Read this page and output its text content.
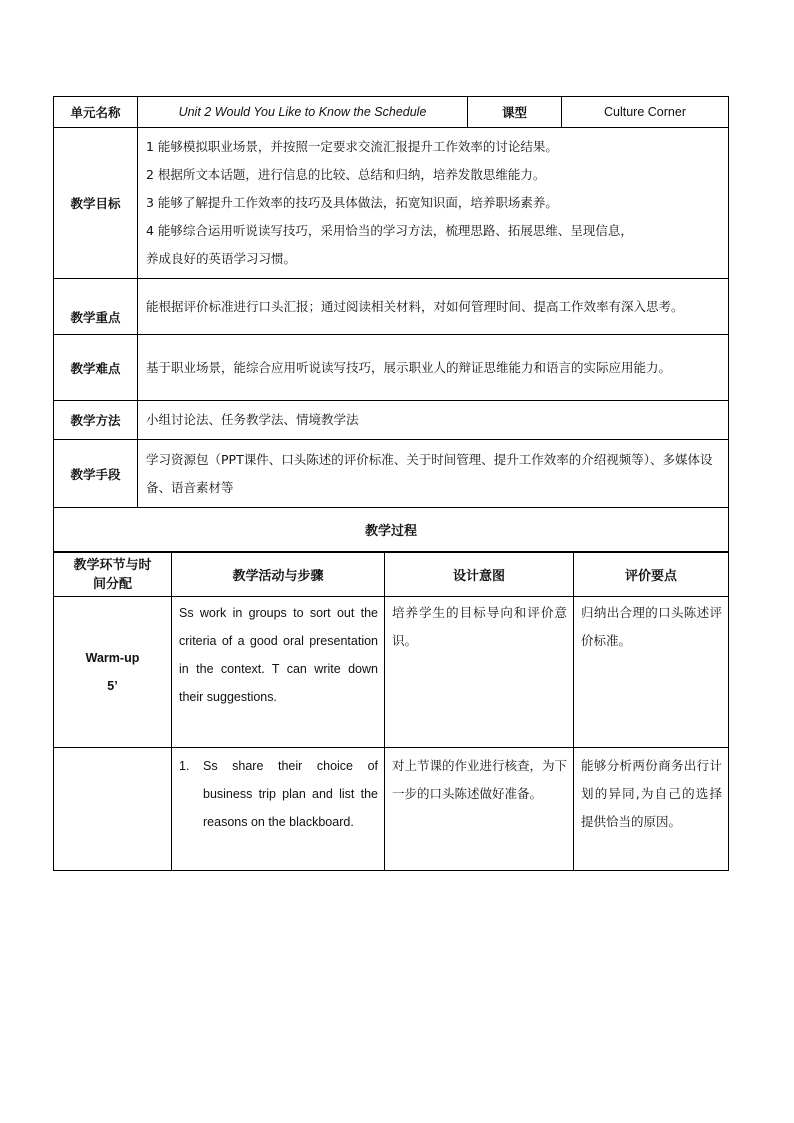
单元名称	Unit 2 Would You Like to Know the Schedule	课型	Culture Corner
教学目标	1 能够模拟职业场景，并按照一定要求交流汇报提升工作效率的讨论结果。
2 根据所文本话题，进行信息的比较、总结和归纳，培养发散思维能力。
3 能够了解提升工作效率的技巧及具体做法，拓宽知识面，培养职场素养。
4 能够综合运用听说读写技巧，采用恰当的学习方法，梳理思路、拓展思维、呈现信息，
养成良好的英语学习习惯。		

教学重点	能根据评价标准进行口头汇报；通过阅读相关材料，对如何管理时间、提高工作效率有深入思考。		
教学难点	基于职业场景，能综合应用听说读写技巧，展示职业人的辩证思维能力和语言的实际应用能力。		
教学方法	小组讨论法、任务教学法、情境教学法		
教学手段	学习资源包（PPT课件、口头陈述的评价标准、关于时间管理、提升工作效率的介绍视频等）、多媒体设备、语音素材等		
教学过程			
教学环节与时间分配	教学活动与步骤	设计意图	评价要点

Warm-up
5’	Ss work in groups to sort out the criteria of a good oral presentation in the context. T can write down their suggestions.	培养学生的目标导向和评价意识。	归纳出合理的口头陈述评价标准。

	1. Ss share their choice of business trip plan and list the reasons on the blackboard.	对上节课的作业进行核查，为下一步的口头陈述做好准备。	能够分析两份商务出行计划的异同,为自己的选择提供恰当的原因。
